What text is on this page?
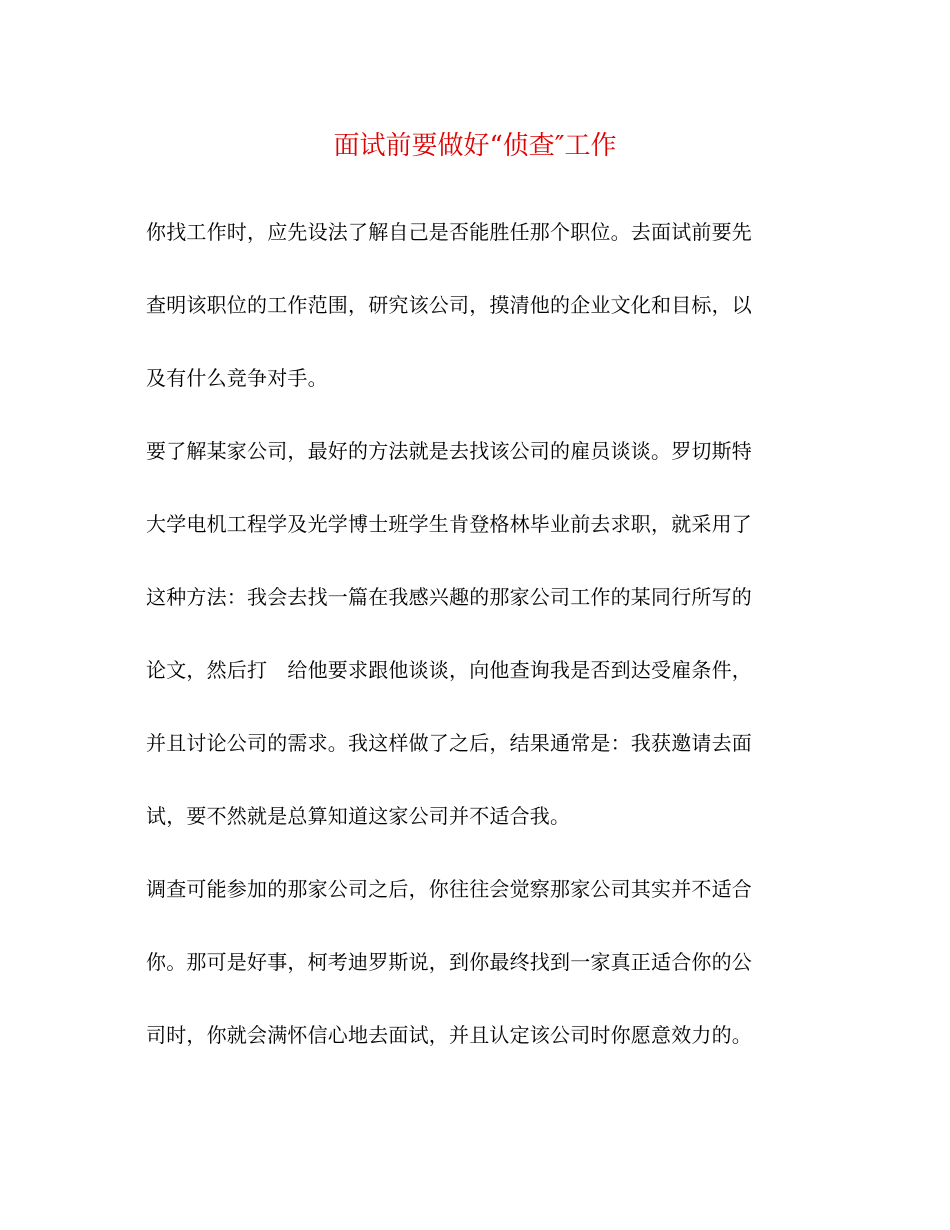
面试前要做好“侦查″工作
你找工作时，应先设法了解自己是否能胜任那个职位。去面试前要先
查明该职位的工作范围，研究该公司，摸清他的企业文化和目标，以
及有什么竞争对手。
要了解某家公司，最好的方法就是去找该公司的雇员谈谈。罗切斯特
大学电机工程学及光学博士班学生肯登格林毕业前去求职，就采用了
这种方法：我会去找一篇在我感兴趣的那家公司工作的某同行所写的
论文，然后打　给他要求跟他谈谈，向他查询我是否到达受雇条件，
并且讨论公司的需求。我这样做了之后，结果通常是：我获邀请去面
试，要不然就是总算知道这家公司并不适合我。
调查可能参加的那家公司之后，你往往会觉察那家公司其实并不适合
你。那可是好事，柯考迪罗斯说，到你最终找到一家真正适合你的公
司时，你就会满怀信心地去面试，并且认定该公司时你愿意效力的。
